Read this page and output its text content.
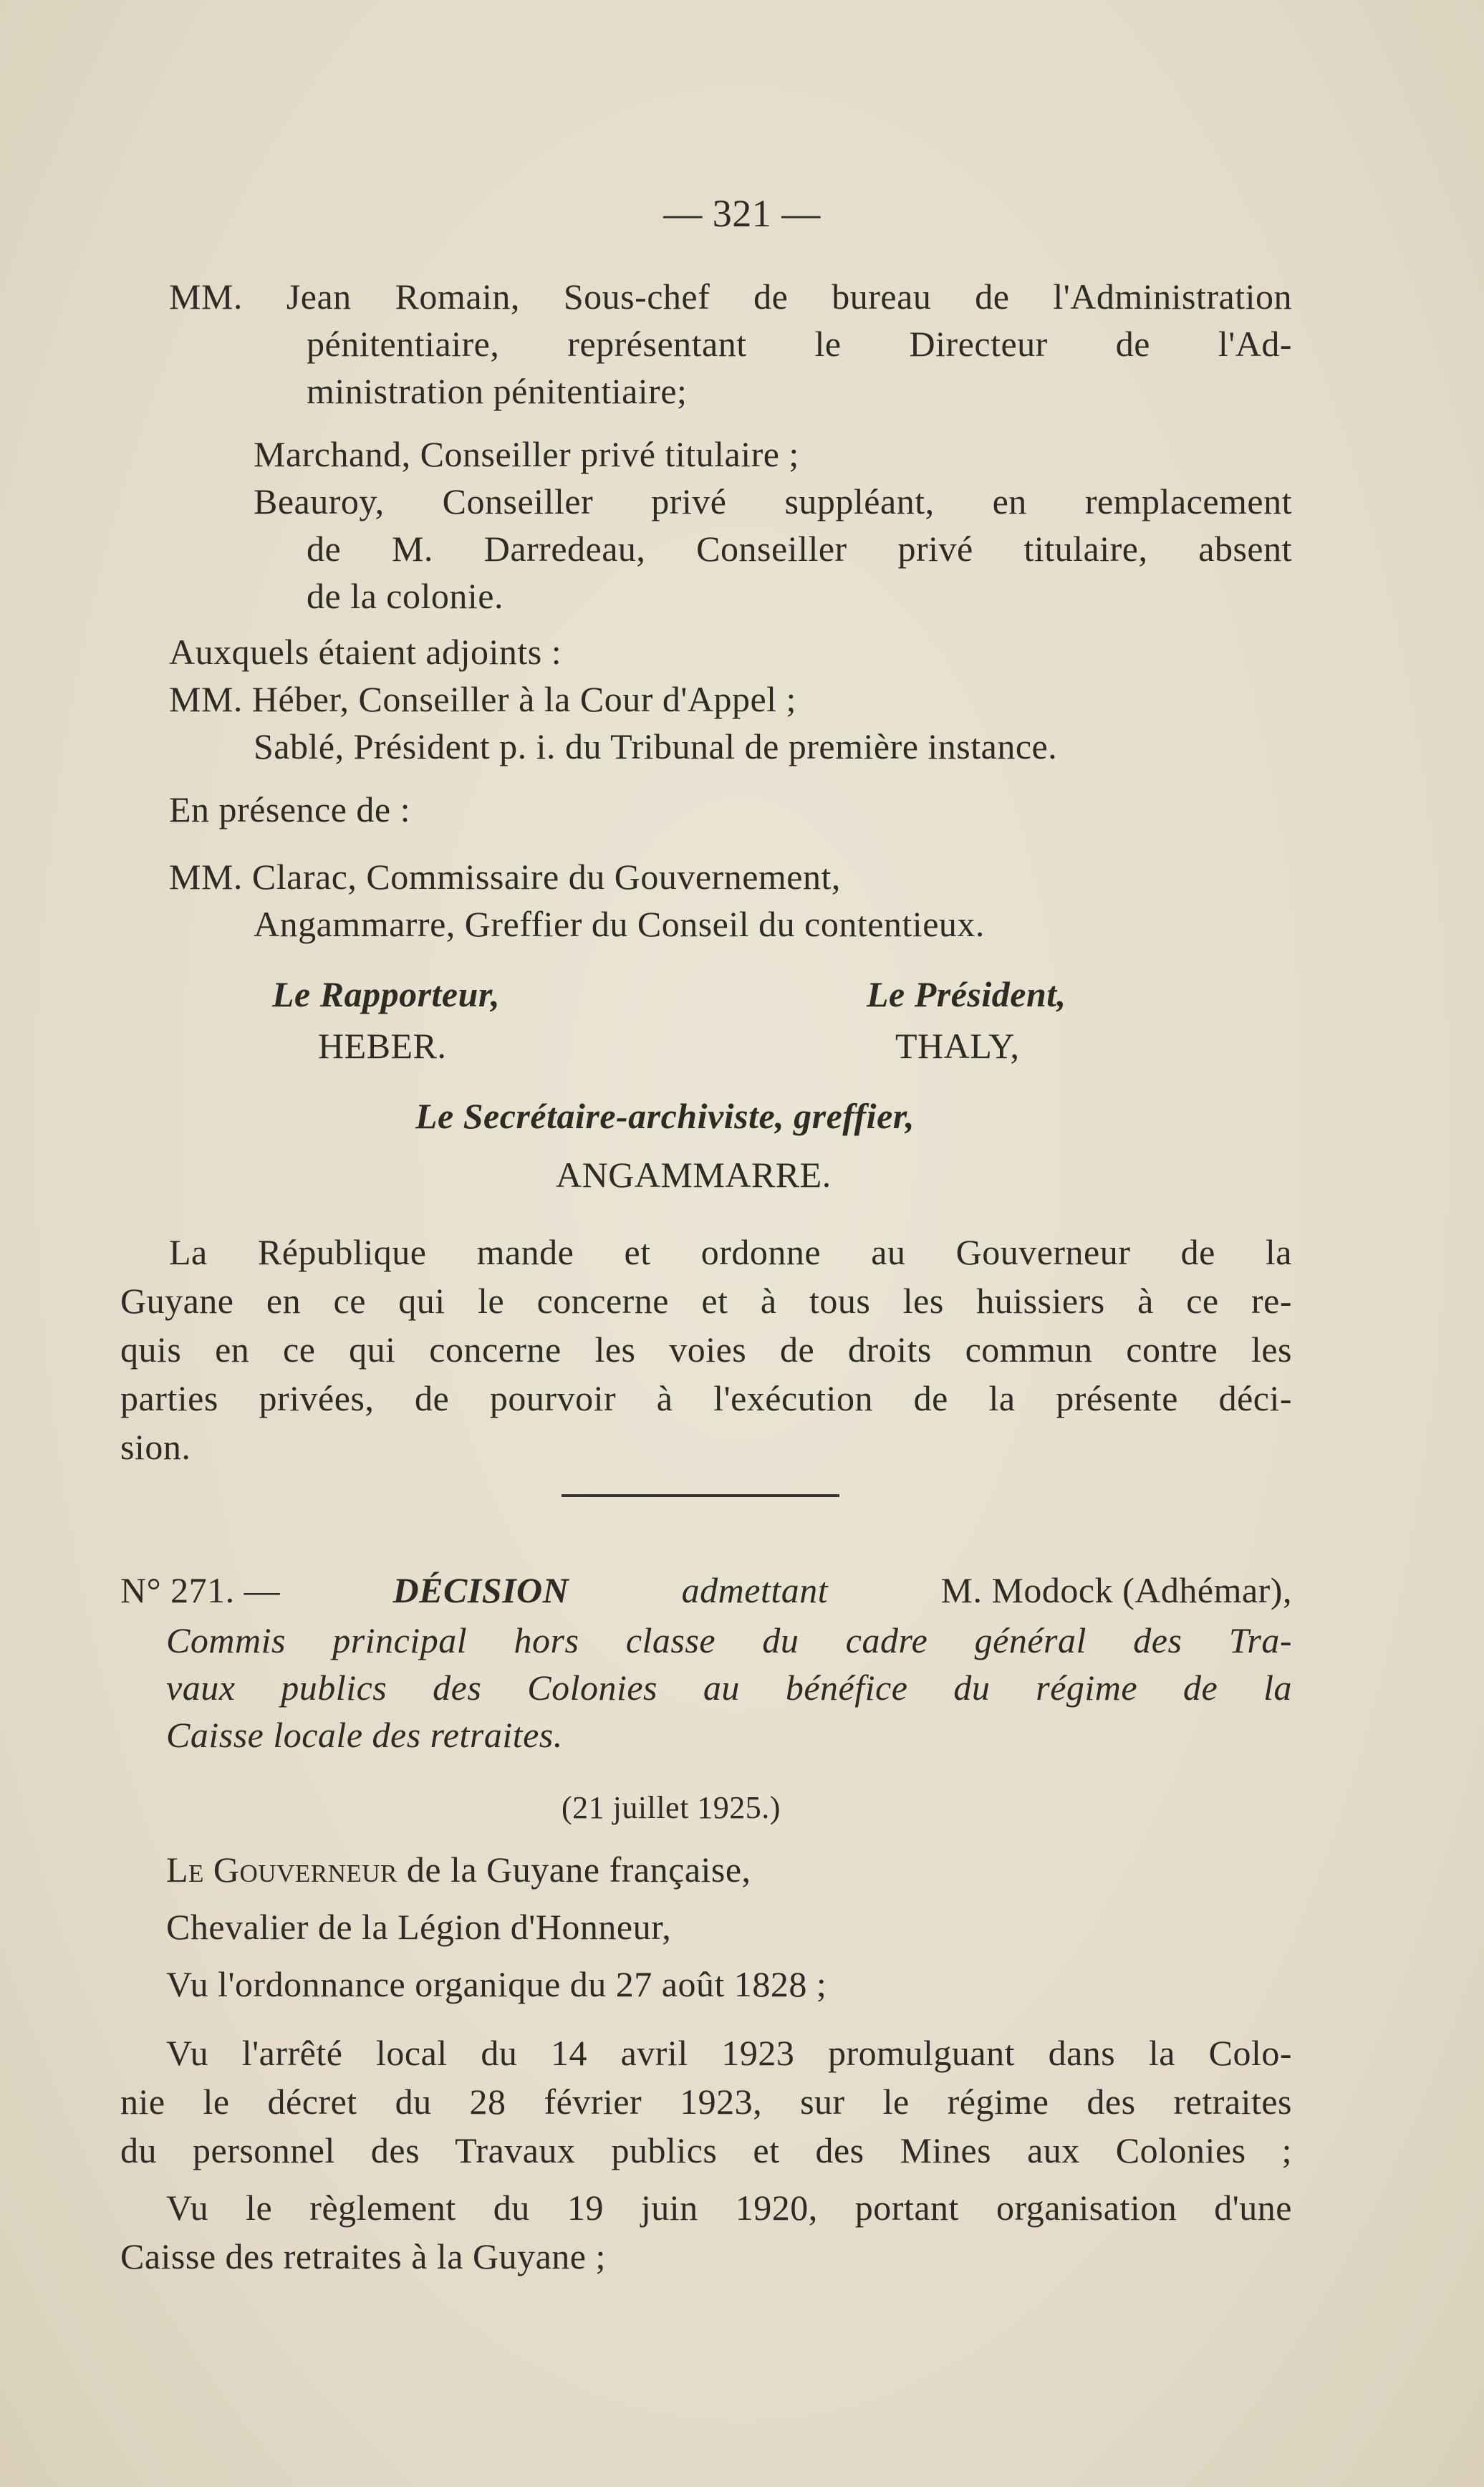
— 321 —
MM. Jean Romain, Sous-chef de bureau de l'Administration
pénitentiaire, représentant le Directeur de l'Ad-
ministration pénitentiaire;
Marchand, Conseiller privé titulaire ;
Beauroy, Conseiller privé suppléant, en remplacement
de M. Darredeau, Conseiller privé titulaire, absent
de la colonie.
Auxquels étaient adjoints :
MM. Héber, Conseiller à la Cour d'Appel ;
Sablé, Président p. i. du Tribunal de première instance.
En présence de :
MM. Clarac, Commissaire du Gouvernement,
Angammarre, Greffier du Conseil du contentieux.
Le Rapporteur,
HEBER.
Le Président,
THALY,
Le Secrétaire-archiviste, greffier,
ANGAMMARRE.
La République mande et ordonne au Gouverneur de la
Guyane en ce qui le concerne et à tous les huissiers à ce re-
quis en ce qui concerne les voies de droits commun contre les
parties privées, de pourvoir à l'exécution de la présente déci-
sion.
N° 271. —	DÉCISION	admettant	M. Modock (Adhémar),
Commis principal hors classe du cadre général des Tra-
vaux publics des Colonies au bénéfice du régime de la
Caisse locale des retraites.
(21 juillet 1925.)
Le Gouverneur de la Guyane française,
Chevalier de la Légion d'Honneur,
Vu l'ordonnance organique du 27 août 1828 ;
Vu l'arrêté local du 14 avril 1923 promulguant dans la Colo-
nie le décret du 28 février 1923, sur le régime des retraites
du personnel des Travaux publics et des Mines aux Colonies ;
Vu le règlement du 19 juin 1920, portant organisation d'une
Caisse des retraites à la Guyane ;
